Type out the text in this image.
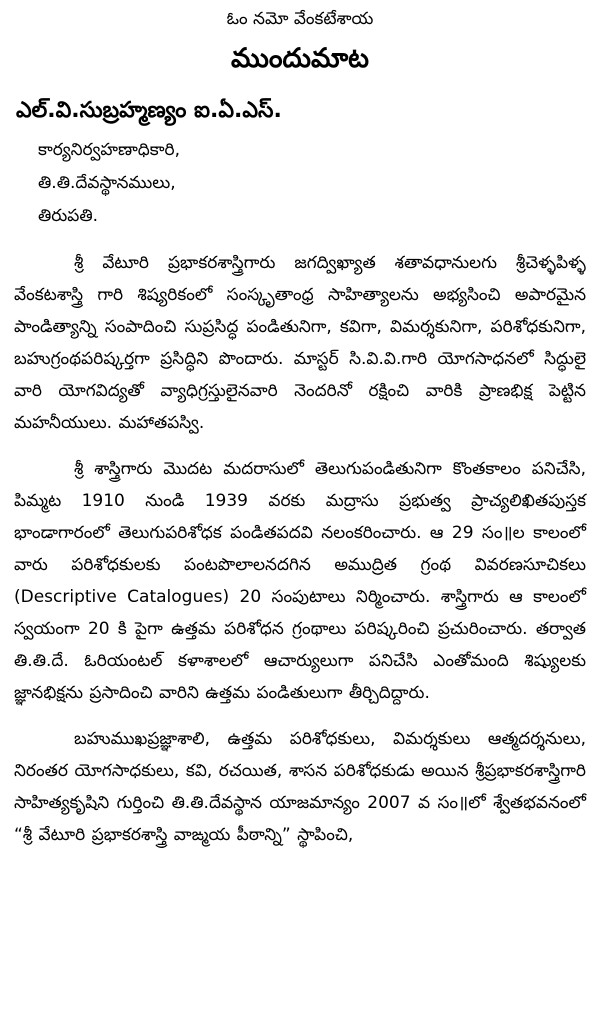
ఓం నమో వేంకటేశాయ

ముందుమాట
ఎల్.వి.సుబ్రహ్మణ్యం ఐ.ఏ.ఎస్.
కార్యనిర్వహణాధికారి,
తి.తి.దేవస్థానములు,
తిరుపతి.

శ్రీ వేటూరి ప్రభాకరశాస్త్రిగారు జగద్విఖ్యాత శతావధానులగు శ్రీచెళ్ళపిళ్ళ వేంకటశాస్త్రి గారి శిష్యరికంలో సంస్కృతాంధ్ర సాహిత్యాలను అభ్యసించి అపారమైన పాండిత్యాన్ని సంపాదించి సుప్రసిద్ధ పండితునిగా, కవిగా, విమర్శకునిగా, పరిశోధకునిగా, బహుగ్రంథపరిష్కర్తగా ప్రసిద్ధిని పొందారు. మాస్టర్ సి.వి.వి.గారి యోగసాధనలో సిద్ధులై వారి యోగవిద్యతో వ్యాధిగ్రస్తులైనవారి నెందరినో రక్షించి వారికి ప్రాణభిక్ష పెట్టిన మహనీయులు. మహాతపస్వి.

శ్రీ శాస్త్రిగారు మొదట మదరాసులో తెలుగుపండితునిగా కొంతకాలం పనిచేసి, పిమ్మట 1910 నుండి 1939 వరకు మద్రాసు ప్రభుత్వ ప్రాచ్యలిఖితపుస్తక భాండాగారంలో తెలుగుపరిశోధక పండితపదవి నలంకరించారు. ఆ 29 సం॥ల కాలంలో వారు పరిశోధకులకు పంటపొలాలనదగిన అముద్రిత గ్రంథ వివరణసూచికలు (Descriptive Catalogues) 20 సంపుటాలు నిర్మించారు. శాస్త్రిగారు ఆ కాలంలో స్వయంగా 20 కి పైగా ఉత్తమ పరిశోధన గ్రంథాలు పరిష్కరించి ప్రచురించారు. తర్వాత తి.తి.దే. ఓరియంటల్ కళాశాలలో ఆచార్యులుగా పనిచేసి ఎంతోమంది శిష్యులకు జ్ఞానభిక్షను ప్రసాదించి వారిని ఉత్తమ పండితులుగా తీర్చిదిద్దారు.

బహుముఖప్రజ్ఞాశాలి, ఉత్తమ పరిశోధకులు, విమర్శకులు ఆత్మదర్శనులు, నిరంతర యోగసాధకులు, కవి, రచయిత, శాసన పరిశోధకుడు అయిన శ్రీప్రభాకరశాస్త్రిగారి సాహిత్యకృషిని గుర్తించి తి.తి.దేవస్థాన యాజమాన్యం 2007 వ సం॥లో శ్వేతభవనంలో “శ్రీ వేటూరి ప్రభాకరశాస్త్రి వాఙ్మయ పీఠాన్ని” స్థాపించి,
